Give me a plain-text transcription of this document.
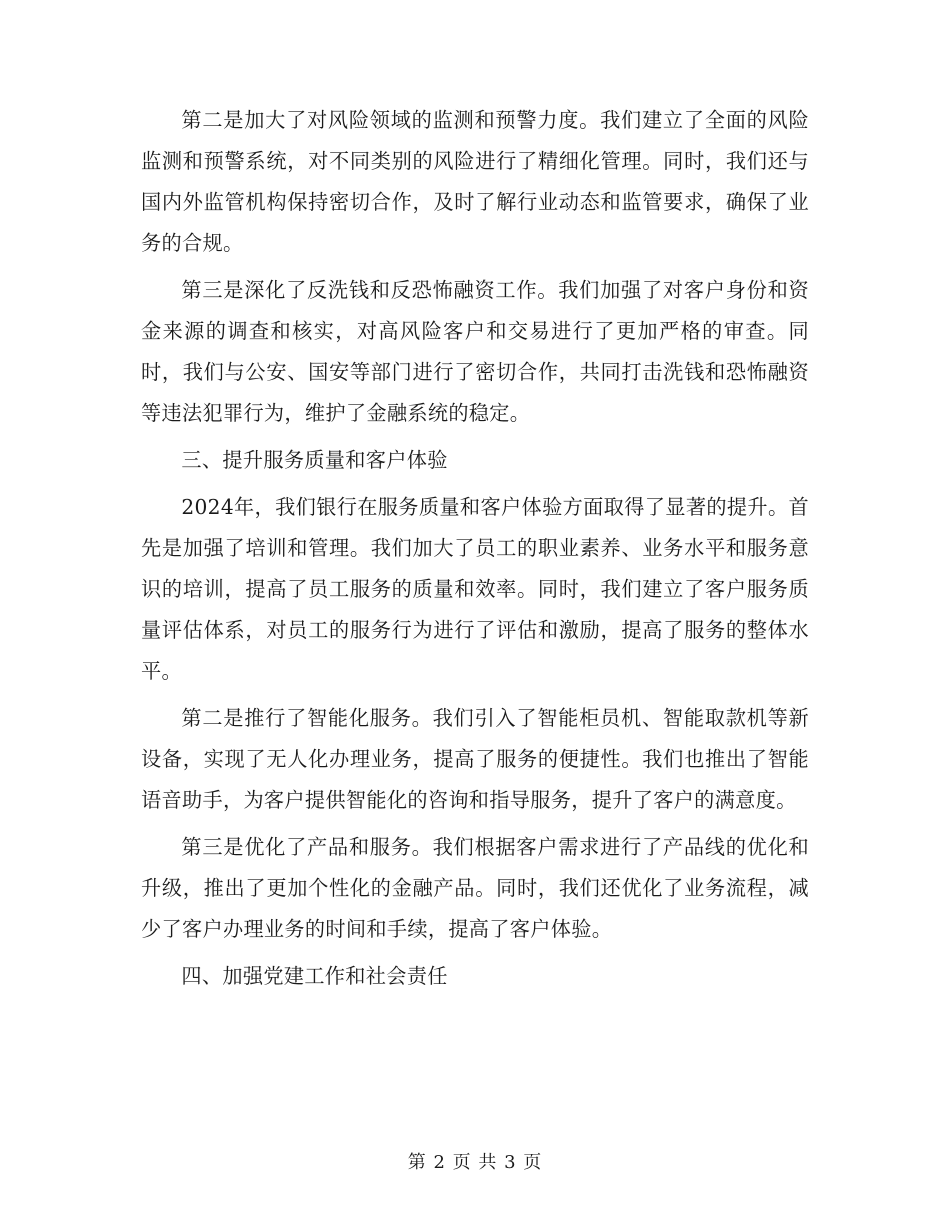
第二是加大了对风险领域的监测和预警力度。我们建立了全面的风险监测和预警系统，对不同类别的风险进行了精细化管理。同时，我们还与国内外监管机构保持密切合作，及时了解行业动态和监管要求，确保了业务的合规。

第三是深化了反洗钱和反恐怖融资工作。我们加强了对客户身份和资金来源的调查和核实，对高风险客户和交易进行了更加严格的审查。同时，我们与公安、国安等部门进行了密切合作，共同打击洗钱和恐怖融资等违法犯罪行为，维护了金融系统的稳定。

三、提升服务质量和客户体验

2024年，我们银行在服务质量和客户体验方面取得了显著的提升。首先是加强了培训和管理。我们加大了员工的职业素养、业务水平和服务意识的培训，提高了员工服务的质量和效率。同时，我们建立了客户服务质量评估体系，对员工的服务行为进行了评估和激励，提高了服务的整体水平。

第二是推行了智能化服务。我们引入了智能柜员机、智能取款机等新设备，实现了无人化办理业务，提高了服务的便捷性。我们也推出了智能语音助手，为客户提供智能化的咨询和指导服务，提升了客户的满意度。

第三是优化了产品和服务。我们根据客户需求进行了产品线的优化和升级，推出了更加个性化的金融产品。同时，我们还优化了业务流程，减少了客户办理业务的时间和手续，提高了客户体验。

四、加强党建工作和社会责任

第 2 页 共 3 页
